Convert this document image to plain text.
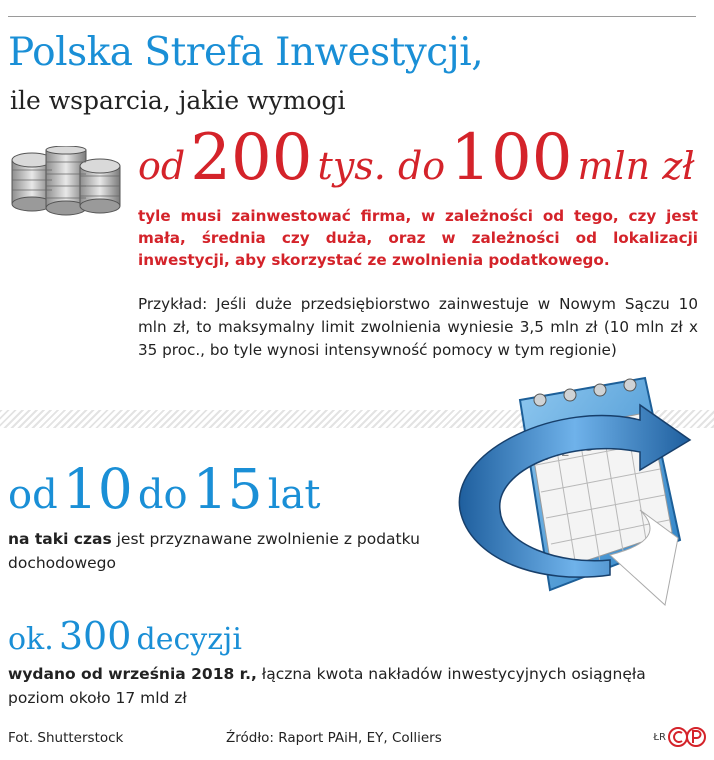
Polska Strefa Inwestycji,
ile wsparcia, jakie wymogi
od 200 tys. do 100 mln zł
tyle musi zainwestować firma, w zależności od tego, czy jest mała, średnia czy duża, oraz w zależności od lokalizacji inwestycji, aby skorzystać ze zwolnienia podatkowego.
Przykład: Jeśli duże przedsiębiorstwo zainwestuje w Nowym Sączu 10 mln zł, to maksymalny limit zwolnienia wyniesie 3,5 mln zł (10 mln zł x 35 proc., bo tyle wynosi intensywność pomocy w tym regionie)
od 10 do 15 lat
na taki czas jest przyznawane zwolnienie z podatku dochodowego
ok. 300 decyzji
wydano od września 2018 r., łączna kwota nakładów inwestycyjnych osiągnęła poziom około 17 mld zł
Fot. Shutterstock	Źródło: Raport PAiH, EY, Colliers	ŁR
